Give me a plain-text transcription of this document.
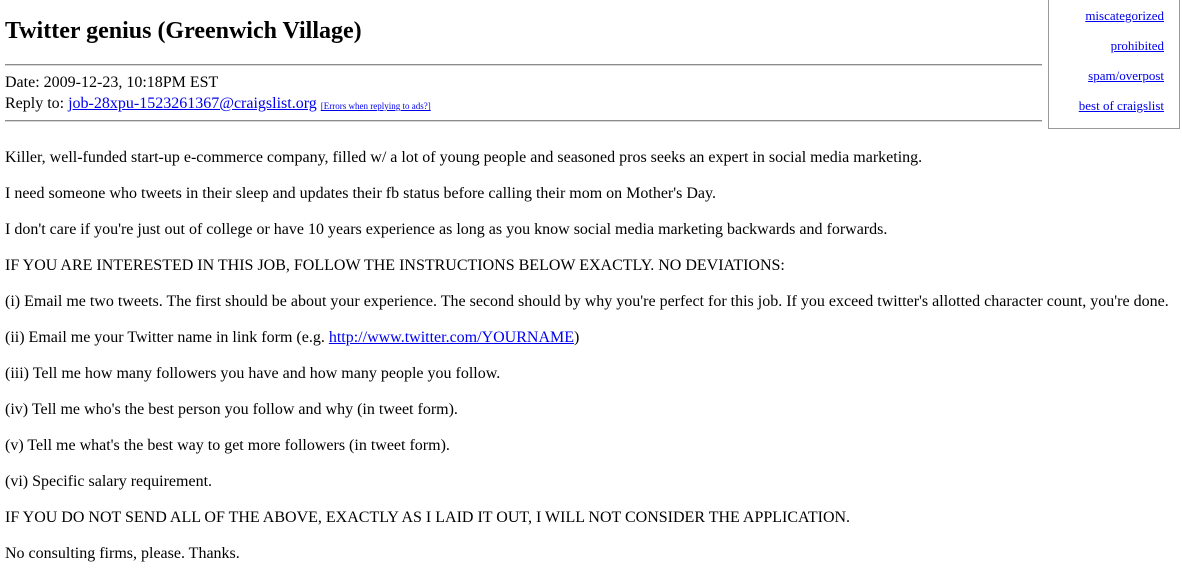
miscategorized
prohibited
spam/overpost
best of craigslist
Twitter genius (Greenwich Village)
Date: 2009-12-23, 10:18PM EST
Reply to: job-28xpu-1523261367@craigslist.org [Errors when replying to ads?]

Killer, well-funded start-up e-commerce company, filled w/ a lot of young people and seasoned pros seeks an expert in social media marketing.

I need someone who tweets in their sleep and updates their fb status before calling their mom on Mother's Day.

I don't care if you're just out of college or have 10 years experience as long as you know social media marketing backwards and forwards.

IF YOU ARE INTERESTED IN THIS JOB, FOLLOW THE INSTRUCTIONS BELOW EXACTLY. NO DEVIATIONS:

(i) Email me two tweets. The first should be about your experience. The second should by why you're perfect for this job. If you exceed twitter's allotted character count, you're done.

(ii) Email me your Twitter name in link form (e.g. http://www.twitter.com/YOURNAME)

(iii) Tell me how many followers you have and how many people you follow.

(iv) Tell me who's the best person you follow and why (in tweet form).

(v) Tell me what's the best way to get more followers (in tweet form).

(vi) Specific salary requirement.

IF YOU DO NOT SEND ALL OF THE ABOVE, EXACTLY AS I LAID IT OUT, I WILL NOT CONSIDER THE APPLICATION.

No consulting firms, please. Thanks.
